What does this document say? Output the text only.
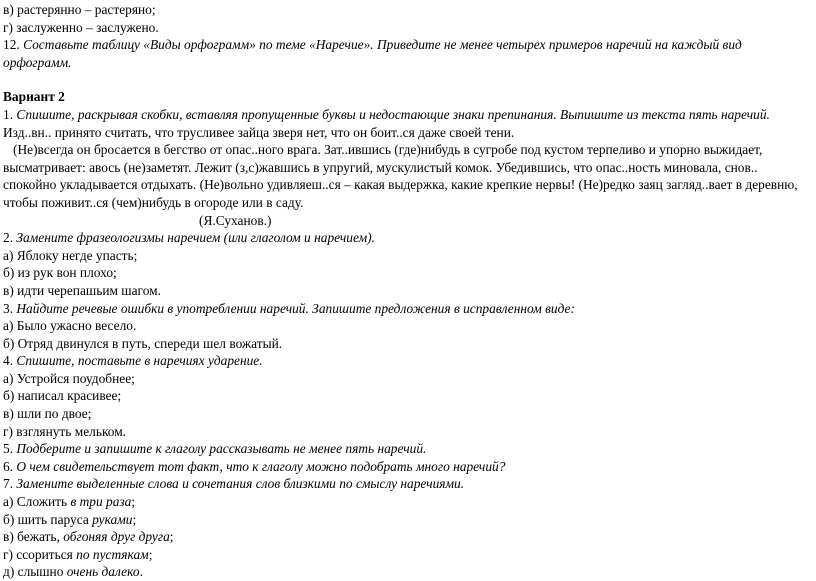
в) растерянно – растеряно;
г) заслуженно – заслужено.
12. Составьте таблицу «Виды орфограмм» по теме «Наречие». Приведите не менее четырех примеров наречий на каждый вид орфограмм.
Вариант 2
1. Спишите, раскрывая скобки, вставляя пропущенные буквы и недостающие знаки препинания. Выпишите из текста пять наречий.
Изд..вн.. принято считать, что трусливее зайца зверя нет, что он боит..ся даже своей тени.
(Не)всегда он бросается в бегство от опас..ного врага. Зат..ившись (где)нибудь в сугробе под кустом терпеливо и упорно выжидает,
высматривает: авось (не)заметят. Лежит (з,с)жавшись в упругий, мускулистый комок. Убедившись, что опас..ность миновала, снов..
спокойно укладывается отдыхать. (Не)вольно удивляеш..ся – какая выдержка, какие крепкие нервы! (Не)редко заяц загляд..вает в деревню,
чтобы поживит..ся (чем)нибудь в огороде или в саду.
(Я.Суханов.)
2. Замените фразеологизмы наречием (или глаголом и наречием).
а) Яблоку негде упасть;
б) из рук вон плохо;
в) идти черепашьим шагом.
3. Найдите речевые ошибки в употреблении наречий. Запишите предложения в исправленном виде:
а) Было ужасно весело.
б) Отряд двинулся в путь, спереди шел вожатый.
4. Спишите, поставьте в наречиях ударение.
а) Устройся поудобнее;
б) написал красивее;
в) шли по двое;
г) взглянуть мельком.
5. Подберите и запишите к глаголу рассказывать не менее пять наречий.
6. О чем свидетельствует тот факт, что к глаголу можно подобрать много наречий?
7. Замените выделенные слова и сочетания слов близкими по смыслу наречиями.
а) Сложить в три раза;
б) шить паруса руками;
в) бежать, обгоняя друг друга;
г) ссориться по пустякам;
д) слышно очень далеко.
